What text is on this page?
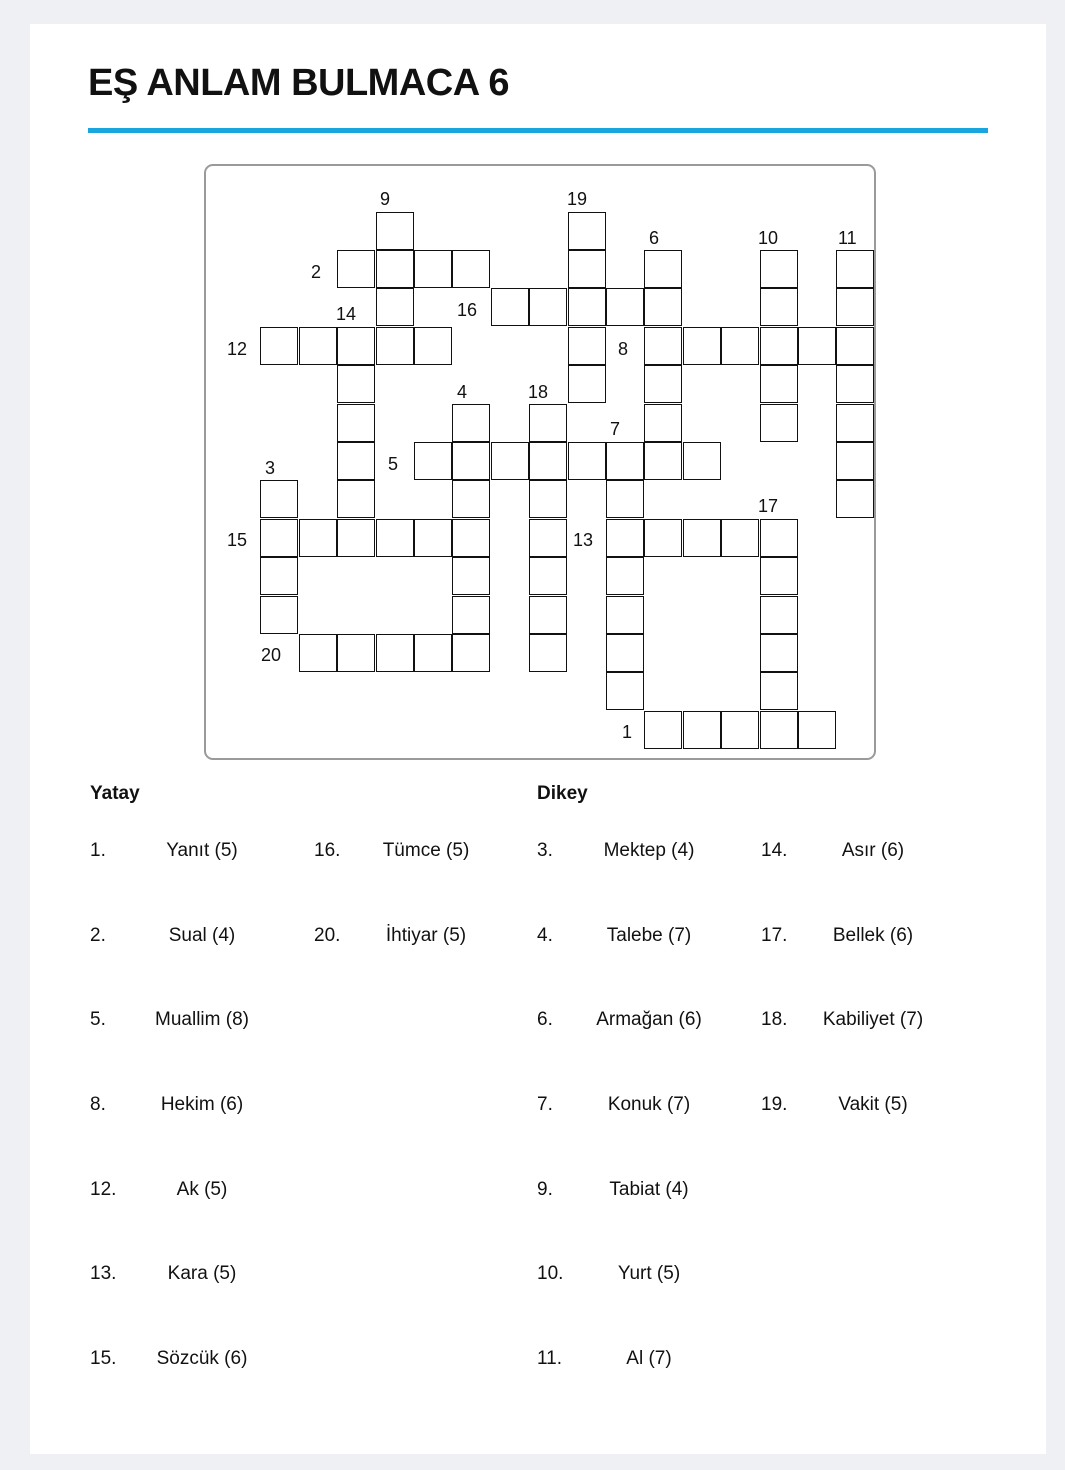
EŞ ANLAM BULMACA 6
9	19
6	10	11
2
16
14
12	8
4	18
7
5
3
17
15	13
20
1
Yatay	Dikey
1.	Yanıt (5)
2.	Sual (4)
5.	Muallim (8)
8.	Hekim (6)
12.	Ak (5)
13.	Kara (5)
15.	Sözcük (6)
16.	Tümce (5)
20.	İhtiyar (5)
3.	Mektep (4)
4.	Talebe (7)
6.	Armağan (6)
7.	Konuk (7)
9.	Tabiat (4)
10.	Yurt (5)
11.	Al (7)
14.	Asır (6)
17.	Bellek (6)
18.	Kabiliyet (7)
19.	Vakit (5)
